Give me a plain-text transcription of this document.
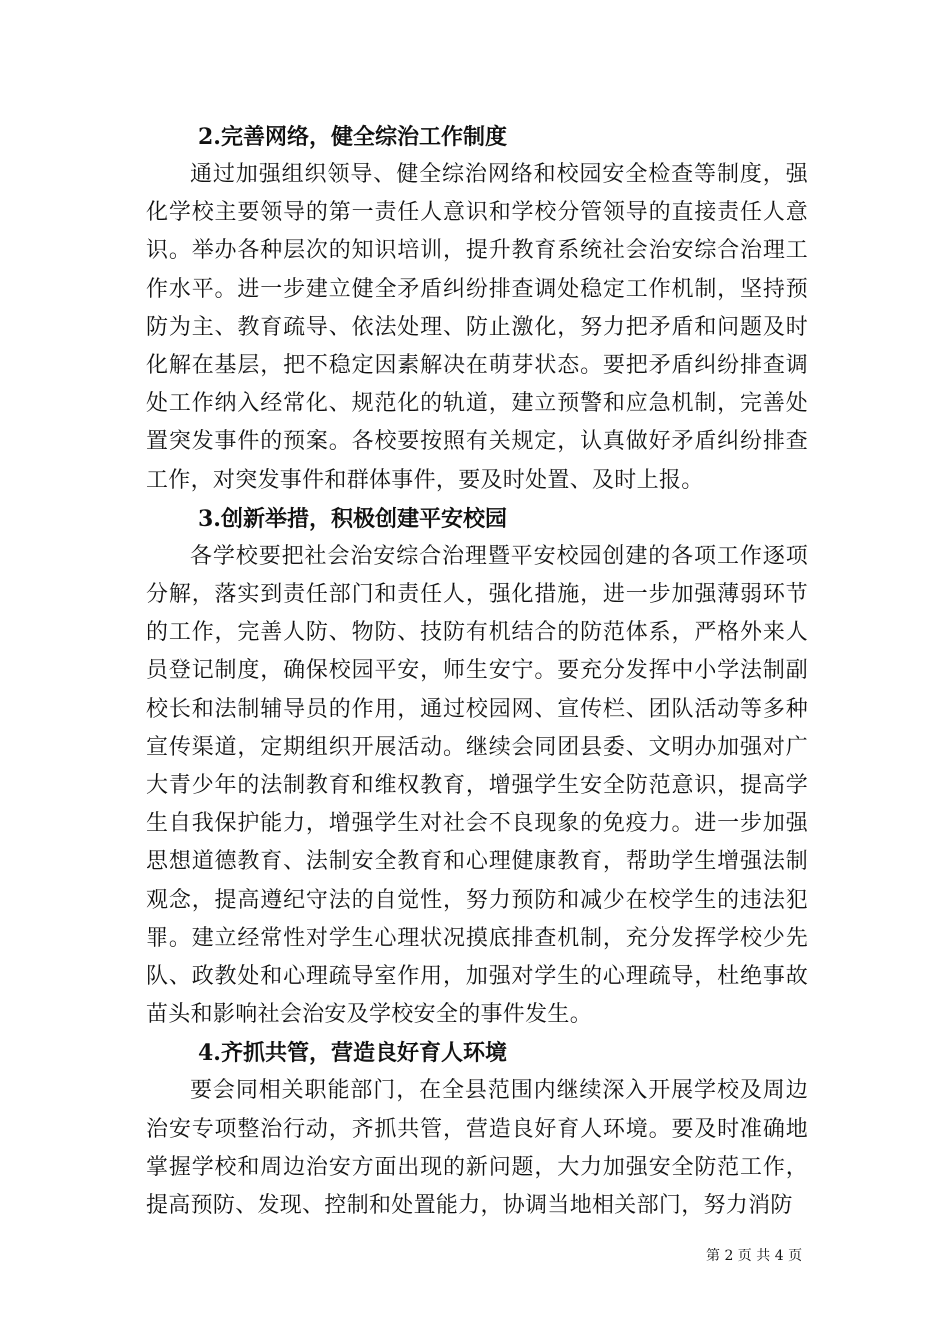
2.完善网络，健全综治工作制度

通过加强组织领导、健全综治网络和校园安全检查等制度，强化学校主要领导的第一责任人意识和学校分管领导的直接责任人意识。举办各种层次的知识培训，提升教育系统社会治安综合治理工作水平。进一步建立健全矛盾纠纷排查调处稳定工作机制，坚持预防为主、教育疏导、依法处理、防止激化，努力把矛盾和问题及时化解在基层，把不稳定因素解决在萌芽状态。要把矛盾纠纷排查调处工作纳入经常化、规范化的轨道，建立预警和应急机制，完善处置突发事件的预案。各校要按照有关规定，认真做好矛盾纠纷排查工作，对突发事件和群体事件，要及时处置、及时上报。

3.创新举措，积极创建平安校园

各学校要把社会治安综合治理暨平安校园创建的各项工作逐项分解，落实到责任部门和责任人，强化措施，进一步加强薄弱环节的工作，完善人防、物防、技防有机结合的防范体系，严格外来人员登记制度，确保校园平安，师生安宁。要充分发挥中小学法制副校长和法制辅导员的作用，通过校园网、宣传栏、团队活动等多种宣传渠道，定期组织开展活动。继续会同团县委、文明办加强对广大青少年的法制教育和维权教育，增强学生安全防范意识，提高学生自我保护能力，增强学生对社会不良现象的免疫力。进一步加强思想道德教育、法制安全教育和心理健康教育，帮助学生增强法制观念，提高遵纪守法的自觉性，努力预防和减少在校学生的违法犯罪。建立经常性对学生心理状况摸底排查机制，充分发挥学校少先队、政教处和心理疏导室作用，加强对学生的心理疏导，杜绝事故苗头和影响社会治安及学校安全的事件发生。

4.齐抓共管，营造良好育人环境

要会同相关职能部门，在全县范围内继续深入开展学校及周边治安专项整治行动，齐抓共管，营造良好育人环境。要及时准确地掌握学校和周边治安方面出现的新问题，大力加强安全防范工作，提高预防、发现、控制和处置能力，协调当地相关部门，努力消防

第 2 页 共 4 页
